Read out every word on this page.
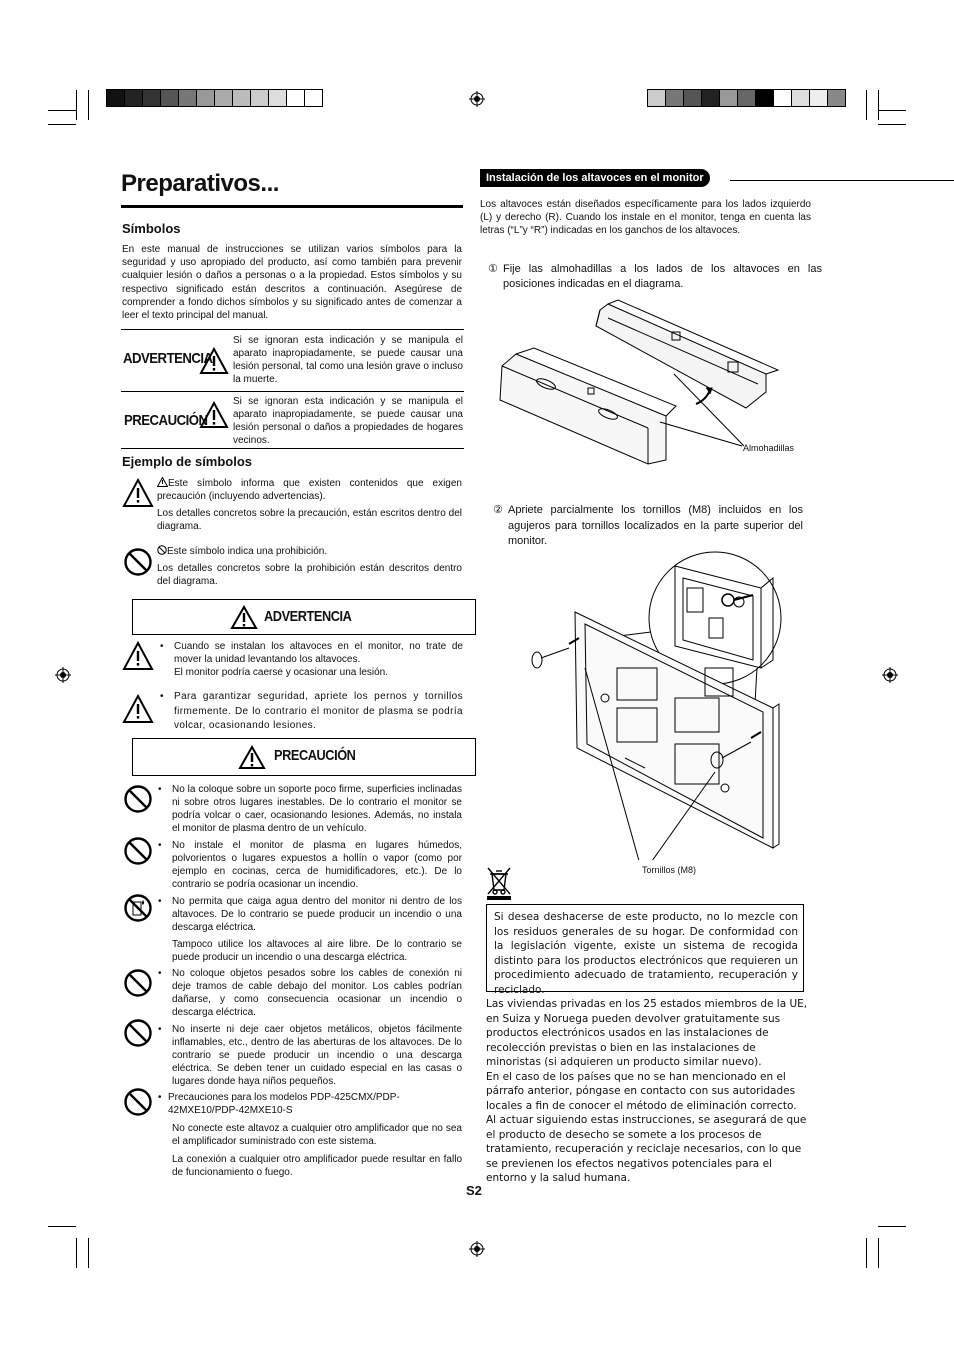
Preparativos...
Símbolos
En este manual de instrucciones se utilizan varios símbolos para la seguridad y uso apropiado del producto, así como también para prevenir cualquier lesión o daños a personas o a la propiedad. Estos símbolos y su respectivo significado están descritos a continuación. Asegúrese de comprender a fondo dichos símbolos y su significado antes de comenzar a leer el texto principal del manual.
ADVERTENCIA
Si se ignoran esta indicación y se manipula el aparato inapropiadamente, se puede causar una lesión personal, tal como una lesión grave o incluso la muerte.
PRECAUCIÓN
Si se ignoran esta indicación y se manipula el aparato inapropiadamente, se puede causar una lesión personal o daños a propiedades de hogares vecinos.
Ejemplo de símbolos
Este símbolo informa que existen contenidos que exigen precaución (incluyendo advertencias).
Los detalles concretos sobre la precaución, están escritos dentro del diagrama.
Este símbolo indica una prohibición.
Los detalles concretos sobre la prohibición están descritos dentro del diagrama.
ADVERTENCIA
• Cuando se instalan los altavoces en el monitor, no trate de mover la unidad levantando los altavoces.
El monitor podría caerse y ocasionar una lesión.
• Para garantizar seguridad, apriete los pernos y tornillos firmemente. De lo contrario el monitor de plasma se podría volcar, ocasionando lesiones.
PRECAUCIÓN
• No la coloque sobre un soporte poco firme, superficies inclinadas ni sobre otros lugares inestables. De lo contrario el monitor se podría volcar o caer, ocasionando lesiones. Además, no instala el monitor de plasma dentro de un vehículo.
• No instale el monitor de plasma en lugares húmedos, polvorientos o lugares expuestos a hollín o vapor (como por ejemplo en cocinas, cerca de humidificadores, etc.). De lo contrario se podría ocasionar un incendio.
• No permita que caiga agua dentro del monitor ni dentro de los altavoces. De lo contrario se puede producir un incendio o una descarga eléctrica.
Tampoco utilice los altavoces al aire libre. De lo contrario se puede producir un incendio o una descarga eléctrica.
• No coloque objetos pesados sobre los cables de conexión ni deje tramos de cable debajo del monitor. Los cables podrían dañarse, y como consecuencia ocasionar un incendio o descarga eléctrica.
• No inserte ni deje caer objetos metálicos, objetos fácilmente inflamables, etc., dentro de las aberturas de los altavoces. De lo contrario se puede producir un incendio o una descarga eléctrica. Se deben tener un cuidado especial en las casas o lugares donde haya niños pequeños.
• Precauciones para los modelos PDP-425CMX/PDP-42MXE10/PDP-42MXE10-S
No conecte este altavoz a cualquier otro amplificador que no sea el amplificador suministrado con este sistema.
La conexión a cualquier otro amplificador puede resultar en fallo de funcionamiento o fuego.
Instalación de los altavoces en el monitor
Los altavoces están diseñados específicamente para los lados izquierdo (L) y derecho (R). Cuando los instale en el monitor, tenga en cuenta las letras (“L”y “R”) indicadas en los ganchos de los altavoces.
① Fije las almohadillas a los lados de los altavoces en las posiciones indicadas en el diagrama.
Almohadillas
② Apriete parcialmente los tornillos (M8) incluidos en los agujeros para tornillos localizados en la parte superior del monitor.
Tornillos (M8)
Si desea deshacerse de este producto, no lo mezcle con los residuos generales de su hogar. De conformidad con la legislación vigente, existe un sistema de recogida distinto para los productos electrónicos que requieren un procedimiento adecuado de tratamiento, recuperación y reciclado.
Las viviendas privadas en los 25 estados miembros de la UE, en Suiza y Noruega pueden devolver gratuitamente sus productos electrónicos usados en las instalaciones de recolección previstas o bien en las instalaciones de minoristas (si adquieren un producto similar nuevo).
En el caso de los países que no se han mencionado en el párrafo anterior, póngase en contacto con sus autoridades locales a fin de conocer el método de eliminación correcto.
Al actuar siguiendo estas instrucciones, se asegurará de que el producto de desecho se somete a los procesos de tratamiento, recuperación y reciclaje necesarios, con lo que se previenen los efectos negativos potenciales para el entorno y la salud humana.
S2
